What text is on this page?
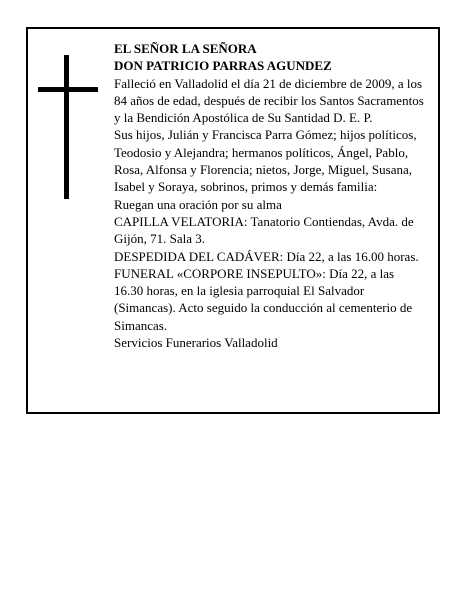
EL SEÑOR LA SEÑORA

DON PATRICIO PARRAS AGUNDEZ

Falleció en Valladolid el día 21 de diciembre de 2009, a los 84 años de edad, después de recibir los Santos Sacramentos y la Bendición Apostólica de Su Santidad D. E. P.

Sus hijos, Julián y Francisca Parra Gómez; hijos políticos, Teodosio y Alejandra; hermanos políticos, Ángel, Pablo, Rosa, Alfonsa y Florencia; nietos, Jorge, Miguel, Susana, Isabel y Soraya, sobrinos, primos y demás familia:

Ruegan una oración por su alma

CAPILLA VELATORIA: Tanatorio Contiendas, Avda. de Gijón, 71. Sala 3.

DESPEDIDA DEL CADÁVER: Día 22, a las 16.00 horas.

FUNERAL «CORPORE INSEPULTO»: Día 22, a las 16.30 horas, en la iglesia parroquial El Salvador (Simancas). Acto seguido la conducción al cementerio de Simancas.

Servicios Funerarios Valladolid
